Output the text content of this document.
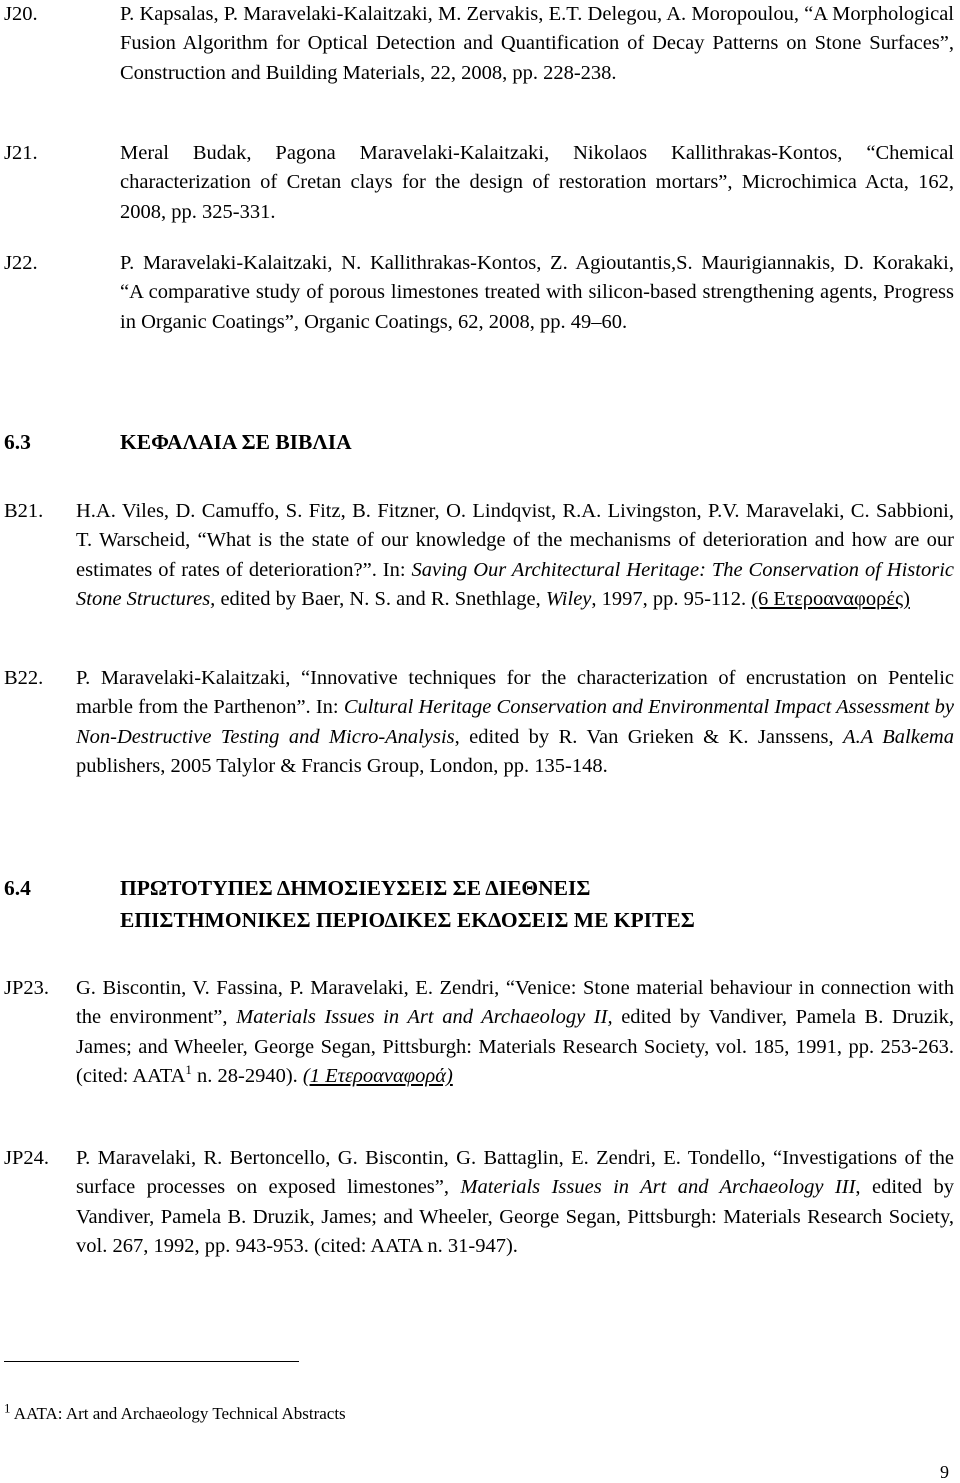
J20.	P. Kapsalas, P. Maravelaki-Kalaitzaki, M. Zervakis, E.T. Delegou, A. Moropoulou, “A Morphological Fusion Algorithm for Optical Detection and Quantification of Decay Patterns on Stone Surfaces”, Construction and Building Materials, 22, 2008, pp. 228-238.
J21.	Meral Budak, Pagona Maravelaki-Kalaitzaki, Nikolaos Kallithrakas-Kontos, “Chemical characterization of Cretan clays for the design of restoration mortars”, Microchimica Acta, 162, 2008, pp. 325-331.
J22.	P. Maravelaki-Kalaitzaki, N. Kallithrakas-Kontos, Z. Agioutantis,S. Maurigiannakis, D. Korakaki, “A comparative study of porous limestones treated with silicon-based strengthening agents, Progress in Organic Coatings”, Organic Coatings, 62, 2008, pp. 49–60.
6.3	ΚΕΦΑΛΑΙΑ ΣΕ ΒΙΒΛΙΑ
B21. H.A. Viles, D. Camuffo, S. Fitz, B. Fitzner, O. Lindqvist, R.A. Livingston, P.V. Maravelaki, C. Sabbioni, T. Warscheid, “What is the state of our knowledge of the mechanisms of deterioration and how are our estimates of rates of deterioration?”. In: Saving Our Architectural Heritage: The Conservation of Historic Stone Structures, edited by Baer, N. S. and R. Snethlage, Wiley, 1997, pp. 95-112. (6 Ετεροαναφορές)
B22. P. Maravelaki-Kalaitzaki, “Innovative techniques for the characterization of encrustation on Pentelic marble from the Parthenon”. In: Cultural Heritage Conservation and Environmental Impact Assessment by Non-Destructive Testing and Micro-Analysis, edited by R. Van Grieken & K. Janssens, A.A Balkema publishers, 2005 Talylor & Francis Group, London, pp. 135-148.
6.4	ΠΡΩΤΟΤΥΠΕΣ ΔΗΜΟΣΙΕΥΣΕΙΣ ΣΕ ΔΙΕΘΝΕΙΣ
ΕΠΙΣΤΗΜΟΝΙΚΕΣ ΠΕΡΙΟΔΙΚΕΣ ΕΚΔΟΣΕΙΣ ΜΕ ΚΡΙΤΕΣ
JP23. G. Biscontin, V. Fassina, P. Maravelaki, E. Zendri, “Venice: Stone material behaviour in connection with the environment”, Materials Issues in Art and Archaeology II, edited by Vandiver, Pamela B. Druzik, James; and Wheeler, George Segan, Pittsburgh: Materials Research Society, vol. 185, 1991, pp. 253-263. (cited: AATA$^1$ n. 28-2940). (1 Ετεροαναφορά)
JP24. P. Maravelaki, R. Bertoncello, G. Biscontin, G. Battaglin, E. Zendri, E. Tondello, “Investigations of the surface processes on exposed limestones”, Materials Issues in Art and Archaeology III, edited by Vandiver, Pamela B. Druzik, James; and Wheeler, George Segan, Pittsburgh: Materials Research Society, vol. 267, 1992, pp. 943-953. (cited: AATA n. 31-947).
$^1$ AATA: Art and Archaeology Technical Abstracts
9
